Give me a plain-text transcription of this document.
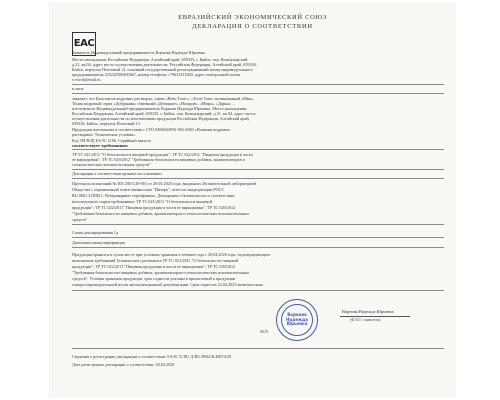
EAC
ЕВРАЗИЙСКИЙ ЭКОНОМИЧЕСКИЙ СОЮЗ
ДЕКЛАРАЦИЯ О СООТВЕТСТВИИ
Заявитель Индивидуальный предприниматель Ворнова Надежда Юрьевна
Место нахождения: Российская Федерация, Алтайский край, 659335, г. Бийск, пер. Коммунарский,
д.31, кв.94, адрес места осуществления деятельности: Российская Федерация, Алтайский край, 659336,
Бийск, переулок Почтовый 13, основной государственный регистрационный номер индивидуального
предпринимателя 318222500490467, номер телефона +79632211820, адрес электронной почты
e.vorob@mail.ru
в лице
заявляет, что Бальзам на кедровых растворах, серии «Beau Tonic», «Tonic Tone» возвышенный «Мия»,
Тоник кедровый серии «Добрынин» обменный «Дёлицкое» «Назаров», «Мира», «Дарья» ...
изготовитель Индивидуальный предприниматель Ворнова Надежда Юрьевна. Место нахождения:
Российская Федерация, Алтайский край, 659335, г. Бийск, пер. Коммунарский, д.31, кв.94, адрес места
осуществления деятельности по изготовлению продукции Российская Федерация, Алтайский край,
659336, Бийск, переулок Почтовый 13.
Продукция изготовлена в соответствии с СТО 0496044956-002-2020 «Напитки кедровые
растворные. Технические условия».
Код ТН ВЭД ЕАЭС 2106. Серийный выпуск
соответствует требованиям
ТР ТС 021/2011 "О безопасности пищевой продукции"; ТР ТС 022/2011 "Пищевая продукция в части
ее маркировки"; ТР ТС 029/2012 "Требования безопасности пищевых добавок, ароматизаторов и
технологических вспомогательных средств"
Декларация о соответствии принята на основании
Протокола испытаний № ИЛ 280/1/29-001 от 29.04.2020 года, выданного Испытательной лабораторией
Общества с ограниченной ответственностью "Интера", аттестат аккредитации РОСС
RU.0001.21ПФ11; Ветеринарные сертификаты. Декларация о безопасности и соответствии
используемого сырья требованиям: ТР ТС 021/2011 "О безопасности пищевой
продукции"; ТР ТС 022/2011 "Пищевая продукция в части ее маркировки"; ТР ТС 029/2012
"Требования безопасности пищевых добавок, ароматизаторов и технологических вспомогательных
средств"
Схема декларирования 1д
Дополнительная информация
Продукция хранится в сухом месте при условиях хранения в течение года с 29.04.2020 года, подтверждающего
выполнение требований Технического регламента ТР ТС 021/2011 "О безопасности пищевой
продукции"; ТР ТС 022/2011 "Пищевая продукция в части ее маркировки"; ТР ТС 029/2012
"Требования безопасности пищевых добавок, ароматизаторов и технологических вспомогательных
средств". Условия хранения продукции, срок годности указаны в прилагаемой к продукции
товаросопроводительной и/или эксплуатационной документации. Срок годности 24.04.2025 включительно
Ворнова
Надежда
Юрьевна
М.П.
Ворнова Надежда Юрьевна
(Ф.И.О. заявителя)
Сведения о регистрации декларации о соответствии: ЕАЭС N RU Д-RU.РА04.В.46874/20
Дата регистрации декларации о соответствии: 29.04.2020
